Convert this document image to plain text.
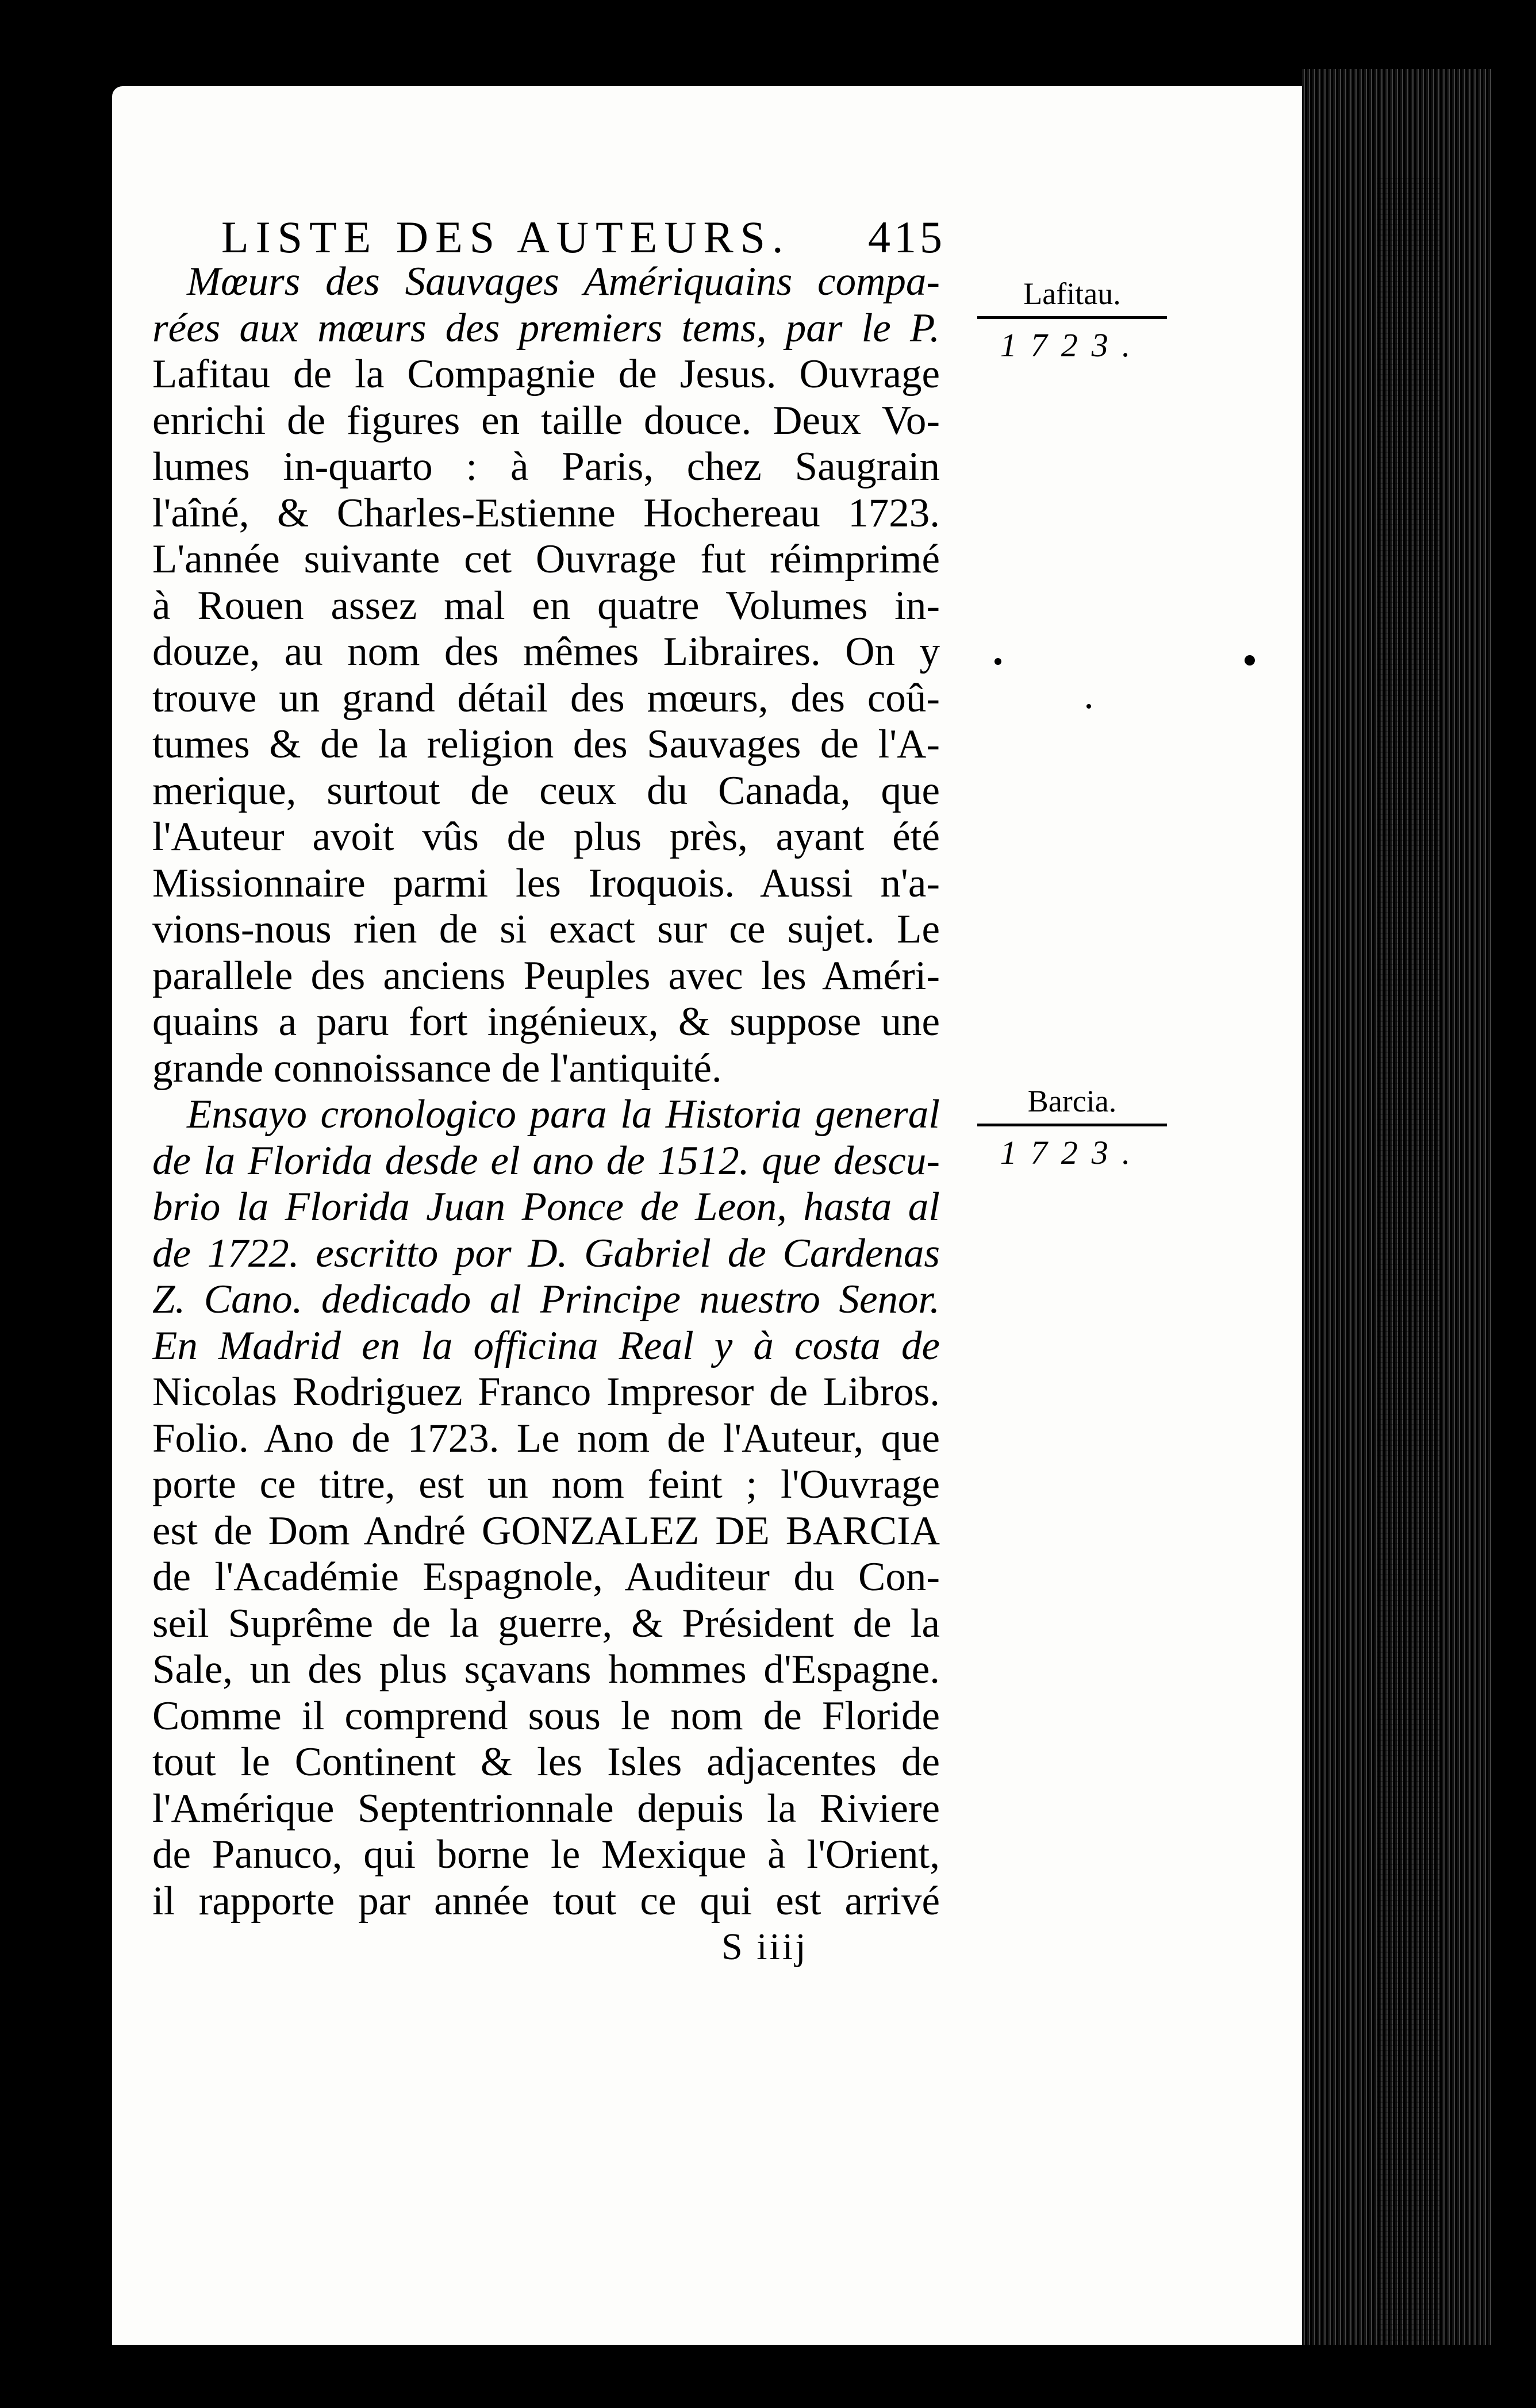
LISTE DES AUTEURS. 415
Mœurs des Sauvages Amériquains compa-
rées aux mœurs des premiers tems, par le P.
Lafitau de la Compagnie de Jesus. Ouvrage
enrichi de figures en taille douce. Deux Vo-
lumes in-quarto : à Paris, chez Saugrain
l'aîné, & Charles-Estienne Hochereau 1723.
L'année suivante cet Ouvrage fut réimprimé
à Rouen assez mal en quatre Volumes in-
douze, au nom des mêmes Libraires. On y
trouve un grand détail des mœurs, des coû-
tumes & de la religion des Sauvages de l'A-
merique, surtout de ceux du Canada, que
l'Auteur avoit vûs de plus près, ayant été
Missionnaire parmi les Iroquois. Aussi n'a-
vions-nous rien de si exact sur ce sujet. Le
parallele des anciens Peuples avec les Améri-
quains a paru fort ingénieux, & suppose une
grande connoissance de l'antiquité.
Ensayo cronologico para la Historia general
de la Florida desde el ano de 1512. que descu-
brio la Florida Juan Ponce de Leon, hasta al
de 1722. escritto por D. Gabriel de Cardenas
Z. Cano. dedicado al Principe nuestro Senor.
En Madrid en la officina Real y à costa de
Nicolas Rodriguez Franco Impresor de Libros.
Folio. Ano de 1723. Le nom de l'Auteur, que
porte ce titre, est un nom feint ; l'Ouvrage
est de Dom André GONZALEZ DE BARCIA
de l'Académie Espagnole, Auditeur du Con-
seil Suprême de la guerre, & Président de la
Sale, un des plus sçavans hommes d'Espagne.
Comme il comprend sous le nom de Floride
tout le Continent & les Isles adjacentes de
l'Amérique Septentrionnale depuis la Riviere
de Panuco, qui borne le Mexique à l'Orient,
il rapporte par année tout ce qui est arrivé
Lafitau.
1723.
Barcia.
1723.
S iiij
